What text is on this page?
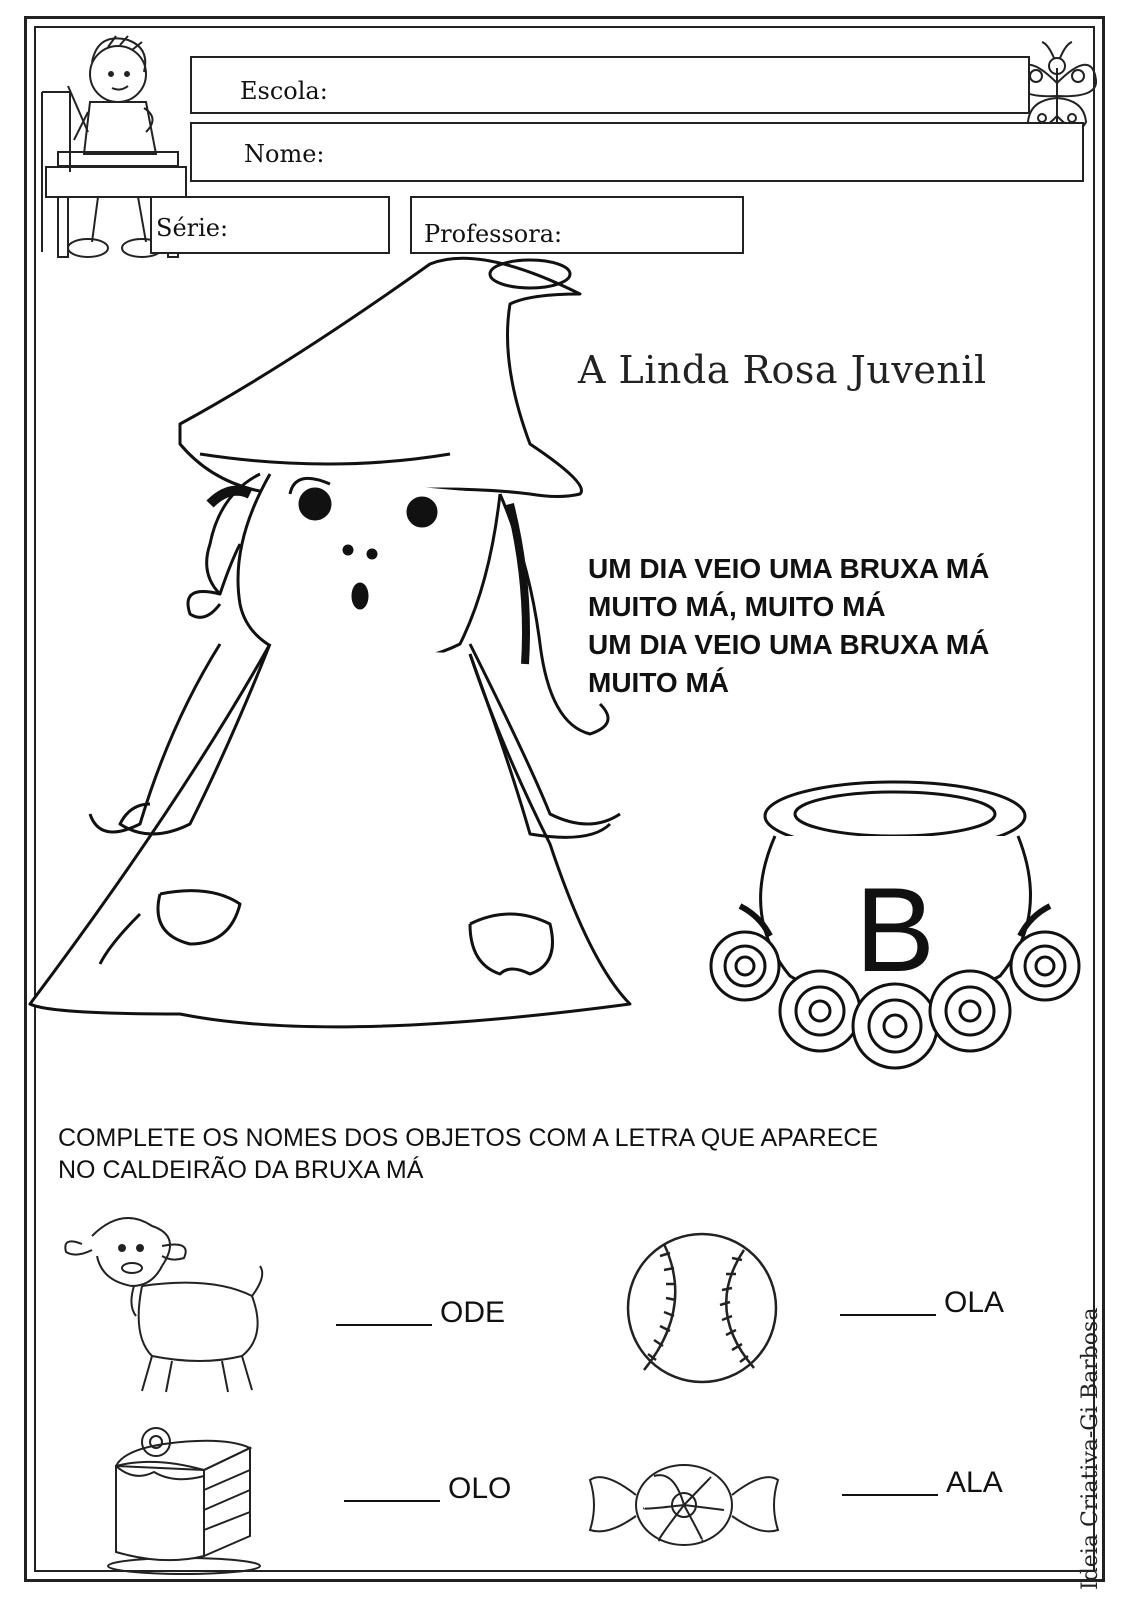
Escola:
Nome:
Série:	Professora:
A Linda Rosa Juvenil
UM DIA VEIO UMA BRUXA MÁ
MUITO MÁ, MUITO MÁ
UM DIA VEIO UMA BRUXA MÁ
MUITO MÁ
B
COMPLETE OS NOMES DOS OBJETOS COM A LETRA QUE APARECE
NO CALDEIRÃO DA BRUXA MÁ
ODE	OLA
OLO	ALA	Ideia Criativa-Gi Barbosa
